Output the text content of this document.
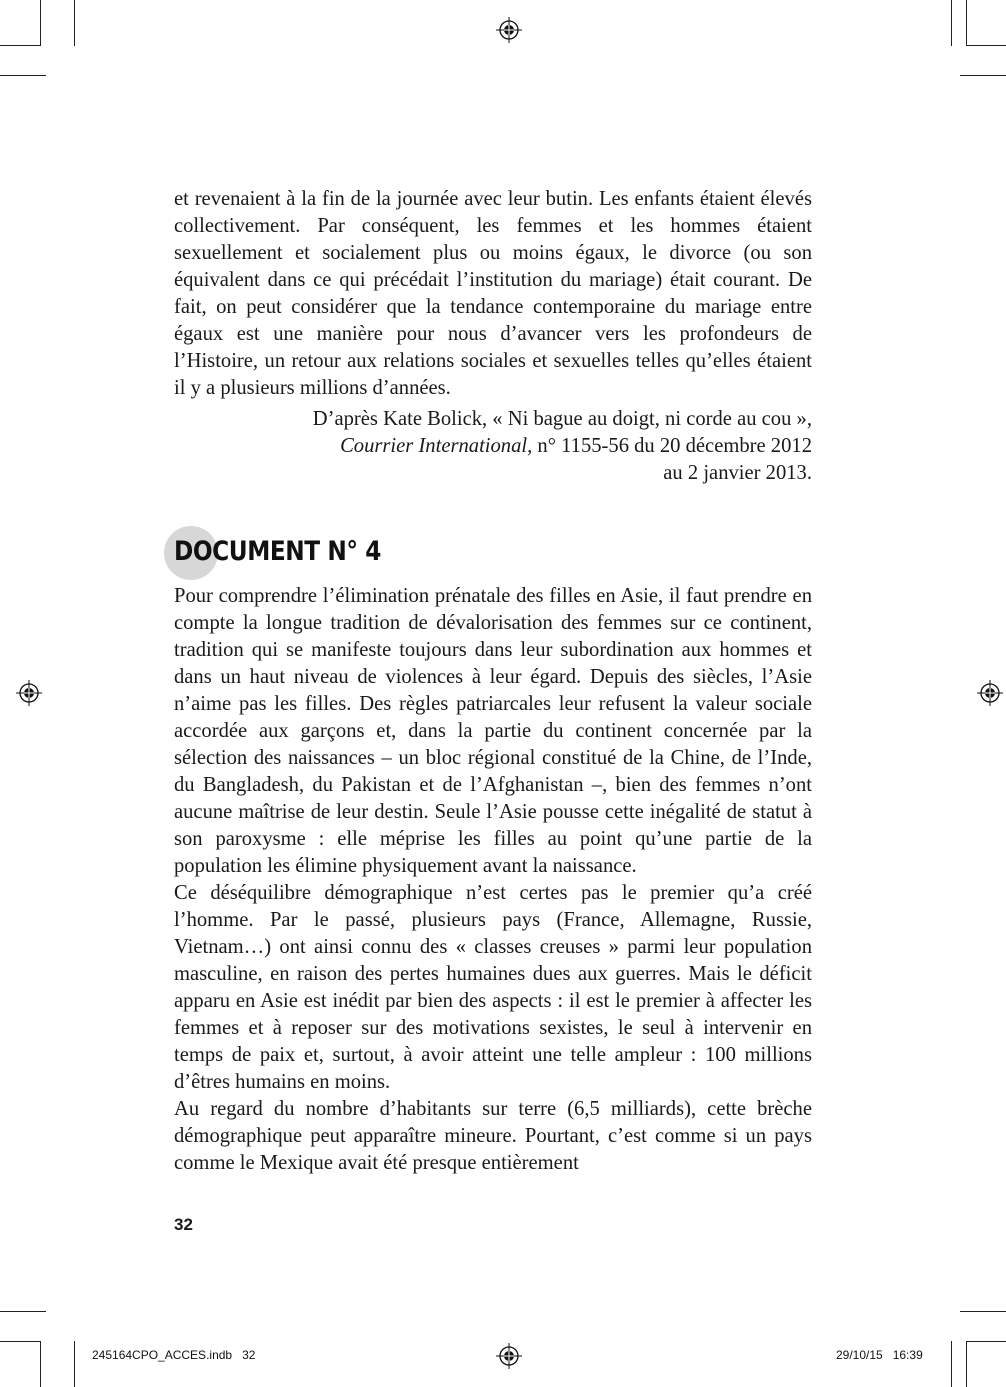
et revenaient à la fin de la journée avec leur butin. Les enfants étaient élevés collectivement. Par conséquent, les femmes et les hommes étaient sexuellement et socialement plus ou moins égaux, le divorce (ou son équivalent dans ce qui précédait l’institution du mariage) était courant. De fait, on peut considérer que la tendance contemporaine du mariage entre égaux est une manière pour nous d’avancer vers les profondeurs de l’Histoire, un retour aux relations sociales et sexuelles telles qu’elles étaient il y a plusieurs millions d’années.

D’après Kate Bolick, « Ni bague au doigt, ni corde au cou »,
Courrier International, n° 1155-56 du 20 décembre 2012
au 2 janvier 2013.
DOCUMENT N° 4

Pour comprendre l’élimination prénatale des filles en Asie, il faut prendre en compte la longue tradition de dévalorisation des femmes sur ce continent, tradition qui se manifeste toujours dans leur subordination aux hommes et dans un haut niveau de violences à leur égard. Depuis des siècles, l’Asie n’aime pas les filles. Des règles patriarcales leur refusent la valeur sociale accordée aux garçons et, dans la partie du continent concernée par la sélection des naissances – un bloc régional constitué de la Chine, de l’Inde, du Bangladesh, du Pakistan et de l’Afghanistan –, bien des femmes n’ont aucune maîtrise de leur destin. Seule l’Asie pousse cette inégalité de statut à son paroxysme : elle méprise les filles au point qu’une partie de la population les élimine physiquement avant la naissance.

Ce déséquilibre démographique n’est certes pas le premier qu’a créé l’homme. Par le passé, plusieurs pays (France, Allemagne, Russie, Vietnam…) ont ainsi connu des « classes creuses » parmi leur population masculine, en raison des pertes humaines dues aux guerres. Mais le déficit apparu en Asie est inédit par bien des aspects : il est le premier à affecter les femmes et à reposer sur des motivations sexistes, le seul à intervenir en temps de paix et, surtout, à avoir atteint une telle ampleur : 100 millions d’êtres humains en moins.

Au regard du nombre d’habitants sur terre (6,5 milliards), cette brèche démographique peut apparaître mineure. Pourtant, c’est comme si un pays comme le Mexique avait été presque entièrement

32
245164CPO_ACCES.indb   32	29/10/15   16:39
